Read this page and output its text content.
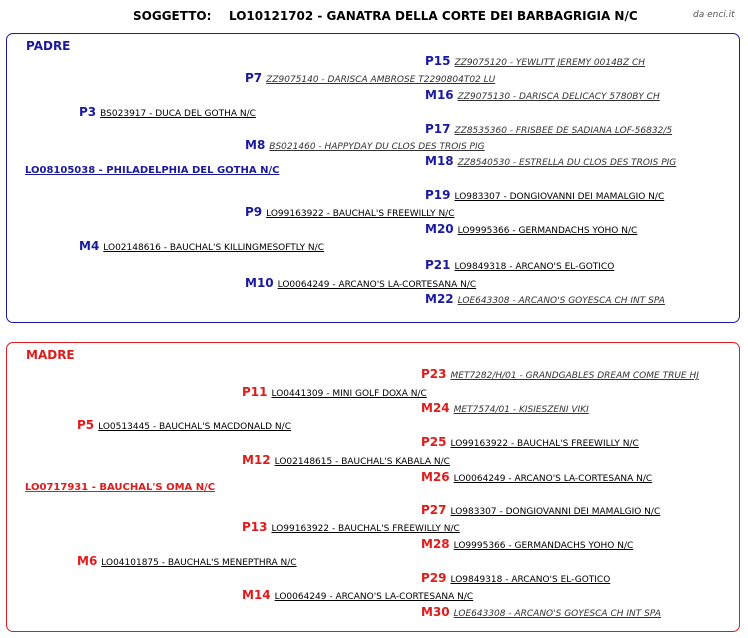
SOGGETTO: LO10121702 - GANATRA DELLA CORTE DEI BARBAGRIGIA N/C	da enci.it
PADRE
LO08105038 - PHILADELPHIA DEL GOTHA N/C
P15 ZZ9075120 - YEWLITT JEREMY 0014BZ CH
P7 ZZ9075140 - DARISCA AMBROSE T2290804T02 LU
M16 ZZ9075130 - DARISCA DELICACY 5780BY CH
P3 BS023917 - DUCA DEL GOTHA N/C
P17 ZZ8535360 - FRISBEE DE SADIANA LOF-56832/5
M8 BS021460 - HAPPYDAY DU CLOS DES TROIS PIG
M18 ZZ8540530 - ESTRELLA DU CLOS DES TROIS PIG
P19 LO983307 - DONGIOVANNI DEI MAMALGIO N/C
P9 LO99163922 - BAUCHAL'S FREEWILLY N/C
M20 LO9995366 - GERMANDACHS YOHO N/C
M4 LO02148616 - BAUCHAL'S KILLINGMESOFTLY N/C
P21 LO9849318 - ARCANO'S EL-GOTICO
M10 LO0064249 - ARCANO'S LA-CORTESANA N/C
M22 LOE643308 - ARCANO'S GOYESCA CH INT SPA
MADRE
LO0717931 - BAUCHAL'S OMA N/C
P23 MET7282/H/01 - GRANDGABLES DREAM COME TRUE HJ
P11 LO0441309 - MINI GOLF DOXA N/C
M24 MET7574/01 - KISIESZENI VIKI
P5 LO0513445 - BAUCHAL'S MACDONALD N/C
P25 LO99163922 - BAUCHAL'S FREEWILLY N/C
M12 LO02148615 - BAUCHAL'S KABALA N/C
M26 LO0064249 - ARCANO'S LA-CORTESANA N/C
P27 LO983307 - DONGIOVANNI DEI MAMALGIO N/C
P13 LO99163922 - BAUCHAL'S FREEWILLY N/C
M28 LO9995366 - GERMANDACHS YOHO N/C
M6 LO04101875 - BAUCHAL'S MENEPTHRA N/C
P29 LO9849318 - ARCANO'S EL-GOTICO
M14 LO0064249 - ARCANO'S LA-CORTESANA N/C
M30 LOE643308 - ARCANO'S GOYESCA CH INT SPA
